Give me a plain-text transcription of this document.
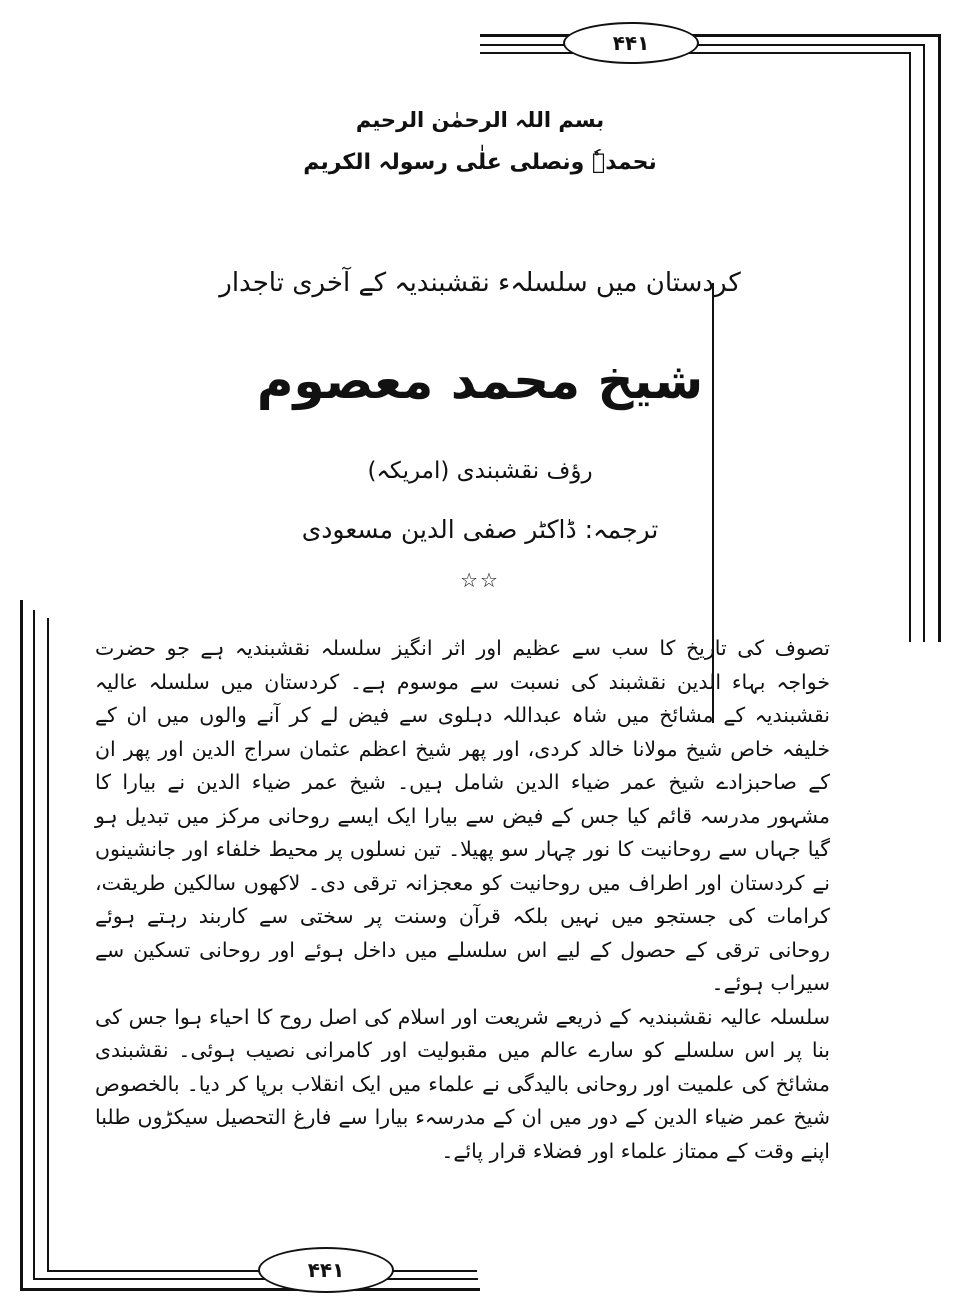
۴۴۱
۴۴۱
بسم اللہ الرحمٰن الرحیم
نحمدہٗ ونصلی علٰی رسولہ الکریم
کردستان میں سلسلہء نقشبندیہ کے آخری تاجدار
شیخ محمد معصوم
رؤف نقشبندی (امریکہ)
ترجمہ: ڈاکٹر صفی الدین مسعودی
☆☆

تصوف کی تاریخ کا سب سے عظیم اور اثر انگیز سلسلہ نقشبندیہ ہے جو حضرت خواجہ بہاء الدین نقشبند کی نسبت سے موسوم ہے۔ کردستان میں سلسلہ عالیہ نقشبندیہ کے مشائخ میں شاہ عبداللہ دہلوی سے فیض لے کر آنے والوں میں ان کے خلیفہ خاص شیخ مولانا خالد کردی، اور پھر شیخ اعظم عثمان سراج الدین اور پھر ان کے صاحبزادے شیخ عمر ضیاء الدین شامل ہیں۔ شیخ عمر ضیاء الدین نے بیارا کا مشہور مدرسہ قائم کیا جس کے فیض سے بیارا ایک ایسے روحانی مرکز میں تبدیل ہو گیا جہاں سے روحانیت کا نور چہار سو پھیلا۔ تین نسلوں پر محیط خلفاء اور جانشینوں نے کردستان اور اطراف میں روحانیت کو معجزانہ ترقی دی۔ لاکھوں سالکین طریقت، کرامات کی جستجو میں نہیں بلکہ قرآن وسنت پر سختی سے کاربند رہتے ہوئے روحانی ترقی کے حصول کے لیے اس سلسلے میں داخل ہوئے اور روحانی تسکین سے سیراب ہوئے۔

سلسلہ عالیہ نقشبندیہ کے ذریعے شریعت اور اسلام کی اصل روح کا احیاء ہوا جس کی بنا پر اس سلسلے کو سارے عالم میں مقبولیت اور کامرانی نصیب ہوئی۔ نقشبندی مشائخ کی علمیت اور روحانی بالیدگی نے علماء میں ایک انقلاب برپا کر دیا۔ بالخصوص شیخ عمر ضیاء الدین کے دور میں ان کے مدرسہء بیارا سے فارغ التحصیل سیکڑوں طلبا اپنے وقت کے ممتاز علماء اور فضلاء قرار پائے۔
